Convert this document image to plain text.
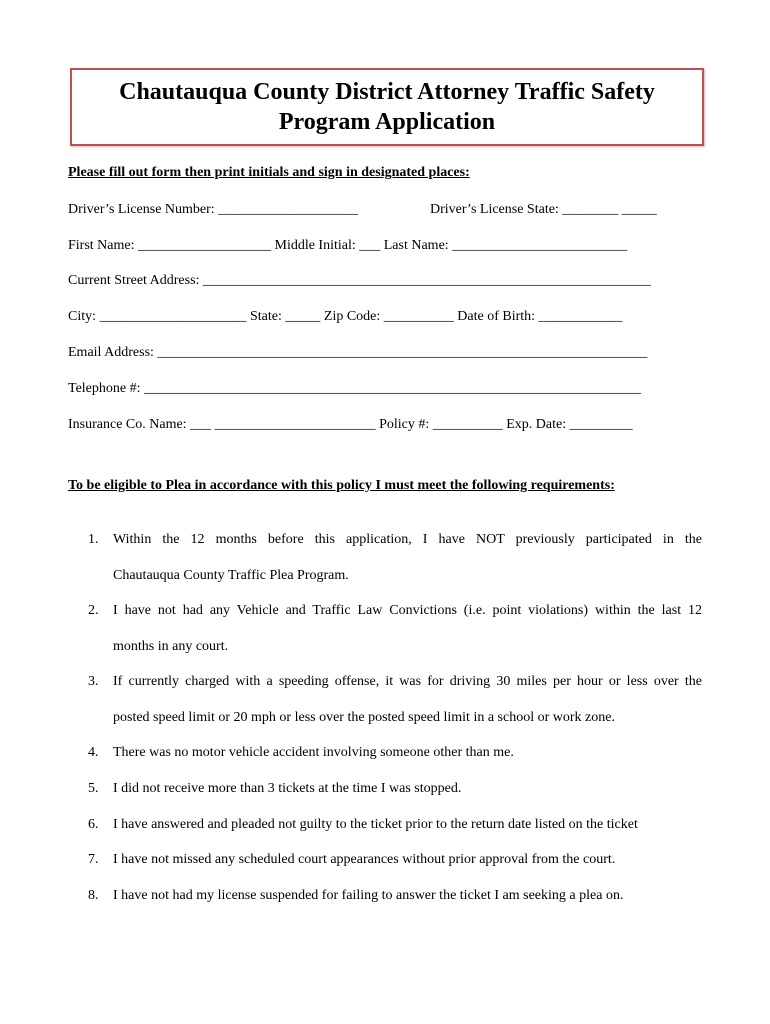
Chautauqua County District Attorney Traffic Safety
Program Application
Please fill out form then print initials and sign in designated places:
Driver’s License Number: ____________________	Driver’s License State: ________ _____
First Name: ___________________ Middle Initial: ___ Last Name: _________________________
Current Street Address: ________________________________________________________________
City: _____________________ State: _____ Zip Code: __________ Date of Birth: ____________
Email Address: ______________________________________________________________________
Telephone #: _______________________________________________________________________
Insurance Co. Name: ___ _______________________ Policy #: __________ Exp. Date: _________
To be eligible to Plea in accordance with this policy I must meet the following requirements:
1. Within the 12 months before this application, I have NOT previously participated in the
Chautauqua County Traffic Plea Program.
2. I have not had any Vehicle and Traffic Law Convictions (i.e. point violations) within the last 12
months in any court.
3. If currently charged with a speeding offense, it was for driving 30 miles per hour or less over the
posted speed limit or 20 mph or less over the posted speed limit in a school or work zone.
4. There was no motor vehicle accident involving someone other than me.
5. I did not receive more than 3 tickets at the time I was stopped.
6. I have answered and pleaded not guilty to the ticket prior to the return date listed on the ticket
7. I have not missed any scheduled court appearances without prior approval from the court.
8. I have not had my license suspended for failing to answer the ticket I am seeking a plea on.
